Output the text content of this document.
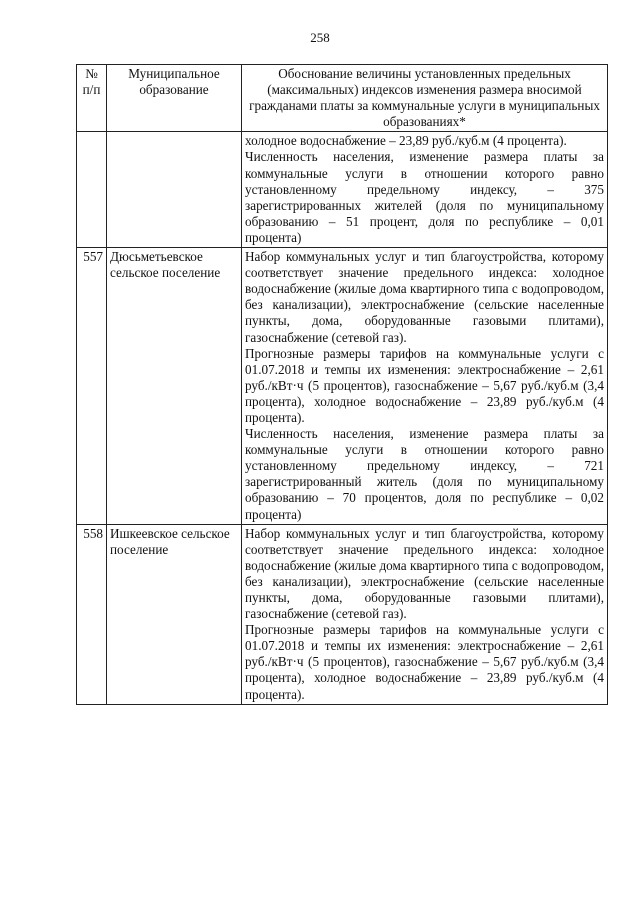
258
№ п/п	Муниципальное образование	Обоснование величины установленных предельных (максимальных) индексов изменения размера вносимой гражданами платы за коммунальные услуги в муниципальных образованиях*

		холодное водоснабжение – 23,89 руб./куб.м (4 процента).

Численность населения, изменение размера платы за коммунальные услуги в отношении которого равно установленному предельному индексу, – 375 зарегистрированных жителей (доля по муниципальному образованию – 51 процент, доля по республике – 0,01 процента)

557	Дюсьметьевское сельское поселение	Набор коммунальных услуг и тип благоустройства, которому соответствует значение предельного индекса: холодное водоснабжение (жилые дома квартирного типа с водопроводом, без канализации), электроснабжение (сельские населенные пункты, дома, оборудованные газовыми плитами), газоснабжение (сетевой газ).

Прогнозные размеры тарифов на коммунальные услуги с 01.07.2018 и темпы их изменения: электроснабжение – 2,61 руб./кВт·ч (5 процентов), газоснабжение – 5,67 руб./куб.м (3,4 процента), холодное водоснабжение – 23,89 руб./куб.м (4 процента).

Численность населения, изменение размера платы за коммунальные услуги в отношении которого равно установленному предельному индексу, – 721 зарегистрированный житель (доля по муниципальному образованию – 70 процентов, доля по республике – 0,02 процента)

558	Ишкеевское сельское поселение	Набор коммунальных услуг и тип благоустройства, которому соответствует значение предельного индекса: холодное водоснабжение (жилые дома квартирного типа с водопроводом, без канализации), электроснабжение (сельские населенные пункты, дома, оборудованные газовыми плитами), газоснабжение (сетевой газ).

Прогнозные размеры тарифов на коммунальные услуги с 01.07.2018 и темпы их изменения: электроснабжение – 2,61 руб./кВт·ч (5 процентов), газоснабжение – 5,67 руб./куб.м (3,4 процента), холодное водоснабжение – 23,89 руб./куб.м (4 процента).
